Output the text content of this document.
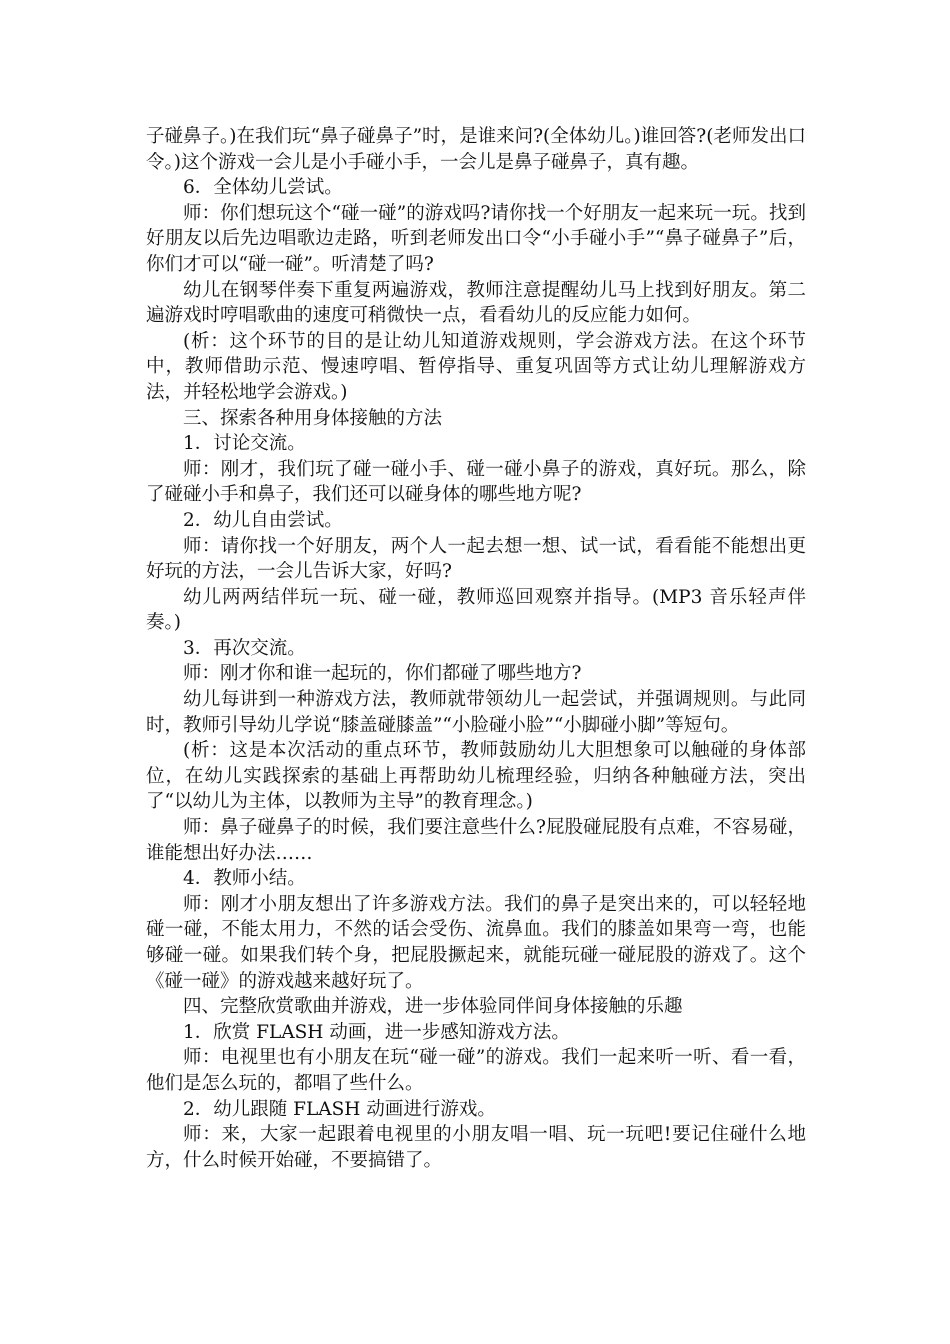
子碰鼻子。)在我们玩“鼻子碰鼻子”时，是谁来问?(全体幼儿。)谁回答?(老师发出口令。)这个游戏一会儿是小手碰小手，一会儿是鼻子碰鼻子，真有趣。

6．全体幼儿尝试。

师：你们想玩这个“碰一碰”的游戏吗?请你找一个好朋友一起来玩一玩。找到好朋友以后先边唱歌边走路，听到老师发出口令“小手碰小手”“鼻子碰鼻子”后，你们才可以“碰一碰”。听清楚了吗?

幼儿在钢琴伴奏下重复两遍游戏，教师注意提醒幼儿马上找到好朋友。第二遍游戏时哼唱歌曲的速度可稍微快一点，看看幼儿的反应能力如何。

(析：这个环节的目的是让幼儿知道游戏规则，学会游戏方法。在这个环节中，教师借助示范、慢速哼唱、暂停指导、重复巩固等方式让幼儿理解游戏方法，并轻松地学会游戏。)

三、探索各种用身体接触的方法

1．讨论交流。

师：刚才，我们玩了碰一碰小手、碰一碰小鼻子的游戏，真好玩。那么，除了碰碰小手和鼻子，我们还可以碰身体的哪些地方呢?

2．幼儿自由尝试。

师：请你找一个好朋友，两个人一起去想一想、试一试，看看能不能想出更好玩的方法，一会儿告诉大家，好吗?

幼儿两两结伴玩一玩、碰一碰，教师巡回观察并指导。(MP3 音乐轻声伴奏。)

3．再次交流。

师：刚才你和谁一起玩的，你们都碰了哪些地方?

幼儿每讲到一种游戏方法，教师就带领幼儿一起尝试，并强调规则。与此同时，教师引导幼儿学说“膝盖碰膝盖”“小脸碰小脸”“小脚碰小脚”等短句。

(析：这是本次活动的重点环节，教师鼓励幼儿大胆想象可以触碰的身体部位，在幼儿实践探索的基础上再帮助幼儿梳理经验，归纳各种触碰方法，突出了“以幼儿为主体，以教师为主导”的教育理念。)

师：鼻子碰鼻子的时候，我们要注意些什么?屁股碰屁股有点难，不容易碰，谁能想出好办法……

4．教师小结。

师：刚才小朋友想出了许多游戏方法。我们的鼻子是突出来的，可以轻轻地碰一碰，不能太用力，不然的话会受伤、流鼻血。我们的膝盖如果弯一弯，也能够碰一碰。如果我们转个身，把屁股撅起来，就能玩碰一碰屁股的游戏了。这个《碰一碰》的游戏越来越好玩了。

四、完整欣赏歌曲并游戏，进一步体验同伴间身体接触的乐趣

1．欣赏 FLASH 动画，进一步感知游戏方法。

师：电视里也有小朋友在玩“碰一碰”的游戏。我们一起来听一听、看一看，他们是怎么玩的，都唱了些什么。

2．幼儿跟随 FLASH 动画进行游戏。

师：来，大家一起跟着电视里的小朋友唱一唱、玩一玩吧!要记住碰什么地方，什么时候开始碰，不要搞错了。
